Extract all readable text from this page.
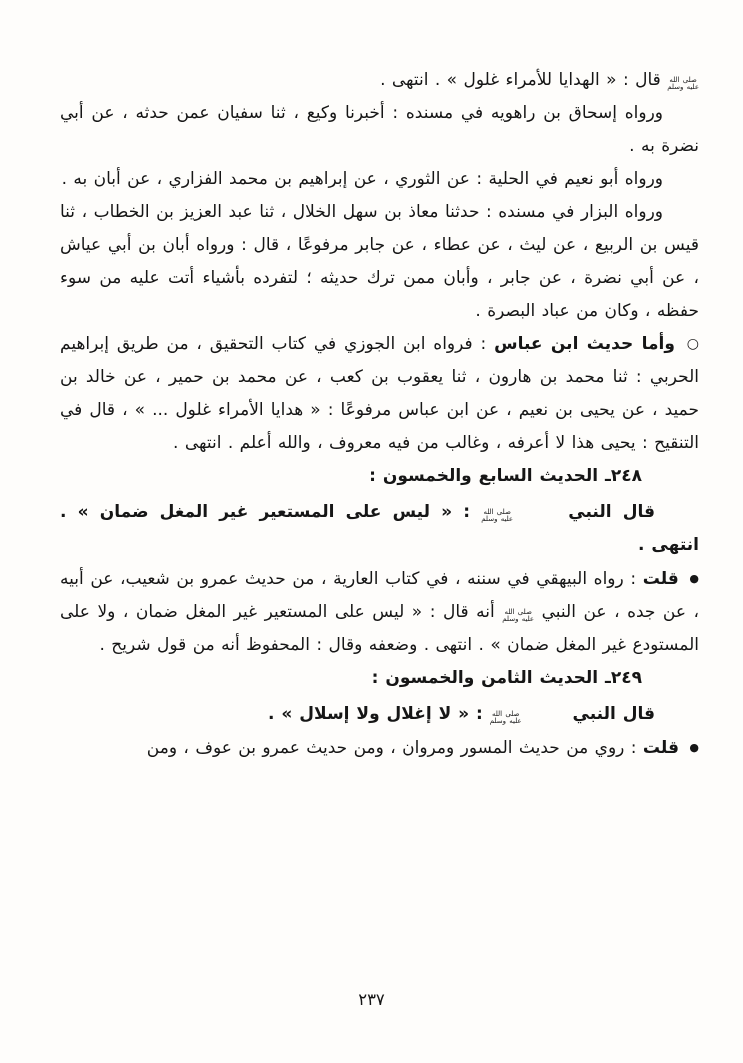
صلى الله
عليه وسلم
قال : « الهدايا للأمراء غلول » . انتهى .

ورواه إسحاق بن راهويه في مسنده : أخبرنا وكيع ، ثنا سفيان عمن حدثه ، عن أبي نضرة به .

ورواه أبو نعيم في الحلية : عن الثوري ، عن إبراهيم بن محمد الفزاري ، عن أبان به .

ورواه البزار في مسنده : حدثنا معاذ بن سهل الخلال ، ثنا عبد العزيز بن الخطاب ، ثنا قيس بن الربيع ، عن ليث ، عن عطاء ، عن جابر مرفوعًا ، قال : ورواه أبان بن أبي عياش ، عن أبي نضرة ، عن جابر ، وأبان ممن ترك حديثه ؛ لتفرده بأشياء أتت عليه من سوء حفظه ، وكان من عباد البصرة .

○ وأما حديث ابن عباس : فرواه ابن الجوزي في كتاب التحقيق ، من طريق إبراهيم الحربي : ثنا محمد بن هارون ، ثنا يعقوب بن كعب ، عن محمد بن حمير ، عن خالد بن حميد ، عن يحيى بن نعيم ، عن ابن عباس مرفوعًا : « هدايا الأمراء غلول ... » ، قال في التنقيح : يحيى هذا لا أعرفه ، وغالب من فيه معروف ، والله أعلم . انتهى .

٢٤٨ـ الحديث السابع والخمسون :

قال النبي
صلى الله
عليه وسلم
: « ليس على المستعير غير المغل ضمان » . انتهى .

● قلت : رواه البيهقي في سننه ، في كتاب العارية ، من حديث عمرو بن شعيب، عن أبيه ، عن جده ، عن النبي
صلى الله
عليه وسلم
أنه قال : « ليس على المستعير غير المغل ضمان ، ولا على المستودع غير المغل ضمان » . انتهى . وضعفه وقال : المحفوظ أنه من قول شريح .

٢٤٩ـ الحديث الثامن والخمسون :

قال النبي
صلى الله
عليه وسلم
: « لا إغلال ولا إسلال » .

● قلت : روي من حديث المسور ومروان ، ومن حديث عمرو بن عوف ، ومن

٢٣٧
